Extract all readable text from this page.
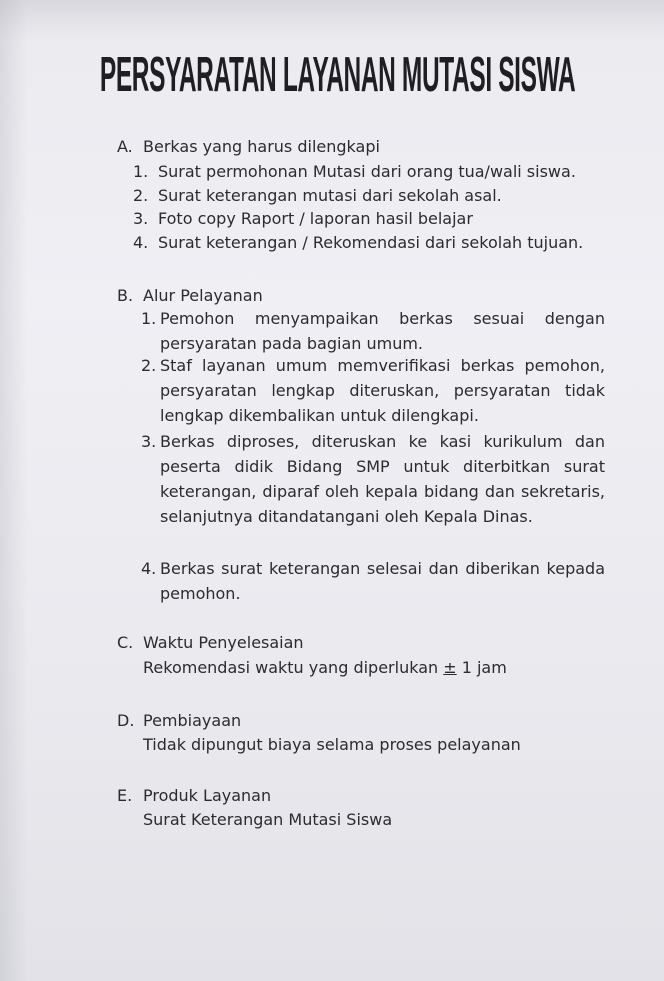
PERSYARATAN LAYANAN MUTASI SISWA
A. Berkas yang harus dilengkapi
1. Surat permohonan Mutasi dari orang tua/wali siswa.
2. Surat keterangan mutasi dari sekolah asal.
3. Foto copy Raport / laporan hasil belajar
4. Surat keterangan / Rekomendasi dari sekolah tujuan.
B. Alur Pelayanan
1. Pemohon menyampaikan berkas sesuai dengan persyaratan pada bagian umum.
2. Staf layanan umum memverifikasi berkas pemohon, persyaratan lengkap diteruskan, persyaratan tidak lengkap dikembalikan untuk dilengkapi.
3. Berkas diproses, diteruskan ke kasi kurikulum dan peserta didik Bidang SMP untuk diterbitkan surat keterangan, diparaf oleh kepala bidang dan sekretaris, selanjutnya ditandatangani oleh Kepala Dinas.
4. Berkas surat keterangan selesai dan diberikan kepada pemohon.
C. Waktu Penyelesaian
Rekomendasi waktu yang diperlukan ± 1 jam
D. Pembiayaan
Tidak dipungut biaya selama proses pelayanan
E. Produk Layanan
Surat Keterangan Mutasi Siswa
